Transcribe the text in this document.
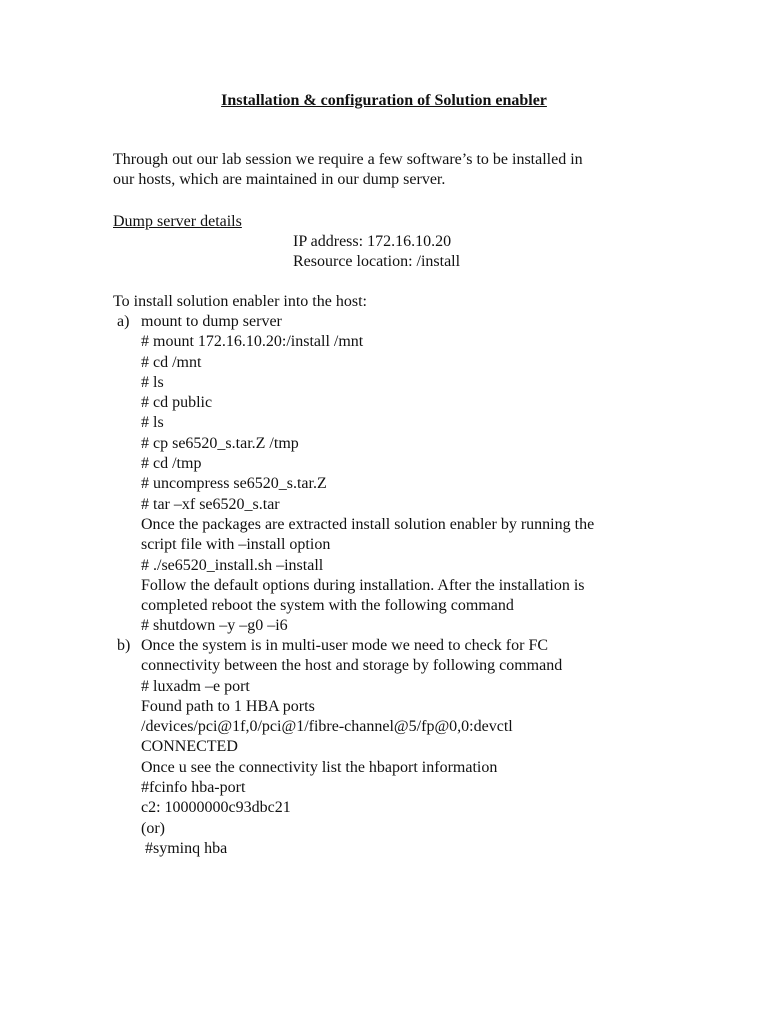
Installation & configuration of Solution enabler
Through out our lab session we require a few software’s to be installed in
our hosts, which are maintained in our dump server.
Dump server details
IP address: 172.16.10.20
Resource location: /install
To install solution enabler into the host:
a) mount to dump server
# mount 172.16.10.20:/install /mnt
# cd /mnt
# ls
# cd public
# ls
# cp se6520_s.tar.Z /tmp
# cd /tmp
# uncompress se6520_s.tar.Z
# tar –xf se6520_s.tar
Once the packages are extracted install solution enabler by running the
script file with –install option
# ./se6520_install.sh –install
Follow the default options during installation. After the installation is
completed reboot the system with the following command
# shutdown –y –g0 –i6
b) Once the system is in multi-user mode we need to check for FC
connectivity between the host and storage by following command
# luxadm –e port
Found path to 1 HBA ports
/devices/pci@1f,0/pci@1/fibre-channel@5/fp@0,0:devctl
CONNECTED
Once u see the connectivity list the hbaport information
#fcinfo hba-port
c2: 10000000c93dbc21
(or)
#syminq hba
